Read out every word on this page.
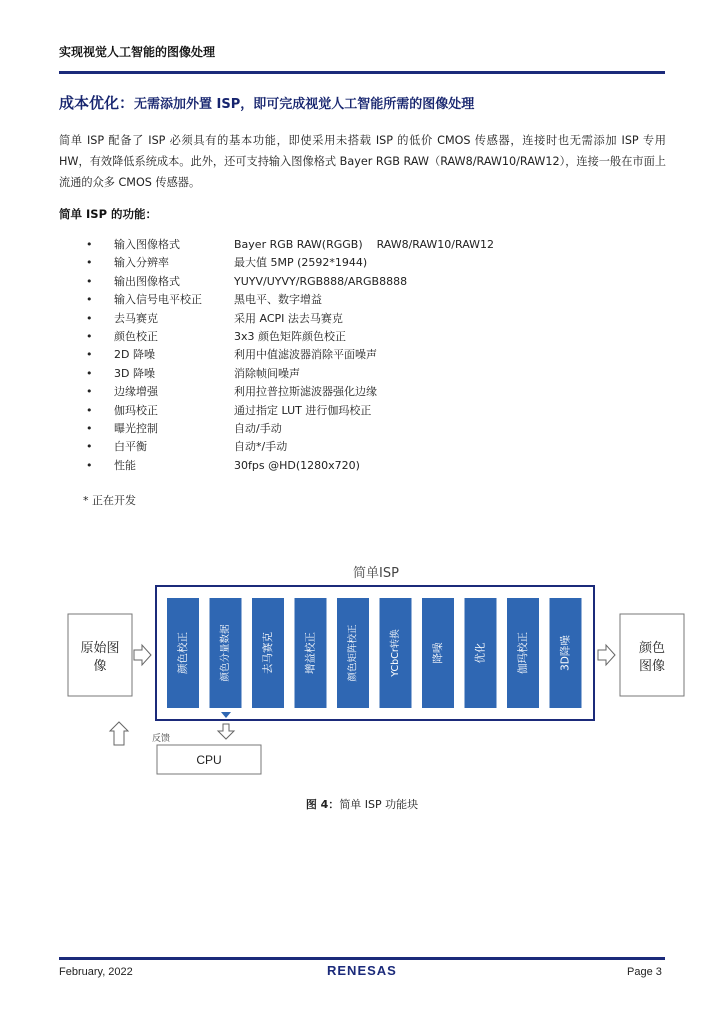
实现视觉人工智能的图像处理
成本优化：无需添加外置 ISP，即可完成视觉人工智能所需的图像处理
简单 ISP 配备了 ISP 必须具有的基本功能，即使采用未搭载 ISP 的低价 CMOS 传感器，连接时也无需添加 ISP 专用 HW，有效降低系统成本。此外，还可支持输入图像格式 Bayer RGB RAW（RAW8/RAW10/RAW12），连接一般在市面上流通的众多 CMOS 传感器。
简单 ISP 的功能：
•	输入图像格式	Bayer RGB RAW(RGGB)    RAW8/RAW10/RAW12
•	输入分辨率	最大值 5MP (2592*1944)
•	输出图像格式	YUYV/UYVY/RGB888/ARGB8888
•	输入信号电平校正	黑电平、数字增益
•	去马赛克	采用 ACPI 法去马赛克
•	颜色校正	3x3 颜色矩阵颜色校正
•	2D 降噪	利用中值滤波器消除平面噪声
•	3D 降噪	消除帧间噪声
•	边缘增强	利用拉普拉斯滤波器强化边缘
•	伽玛校正	通过指定 LUT 进行伽玛校正
•	曝光控制	自动/手动
•	白平衡	自动*/手动
•	性能	30fps @HD(1280x720)
* 正在开发
简单ISP
原始图
像
颜色
图像
颜色校正	颜色分量数据	去马赛克	增益校正	颜色矩阵校正	YCbCr转换	降噪	优化	伽玛校正	3D降噪
反馈
CPU
图 4：简单 ISP 功能块
February, 2022	RENESAS	Page 3
